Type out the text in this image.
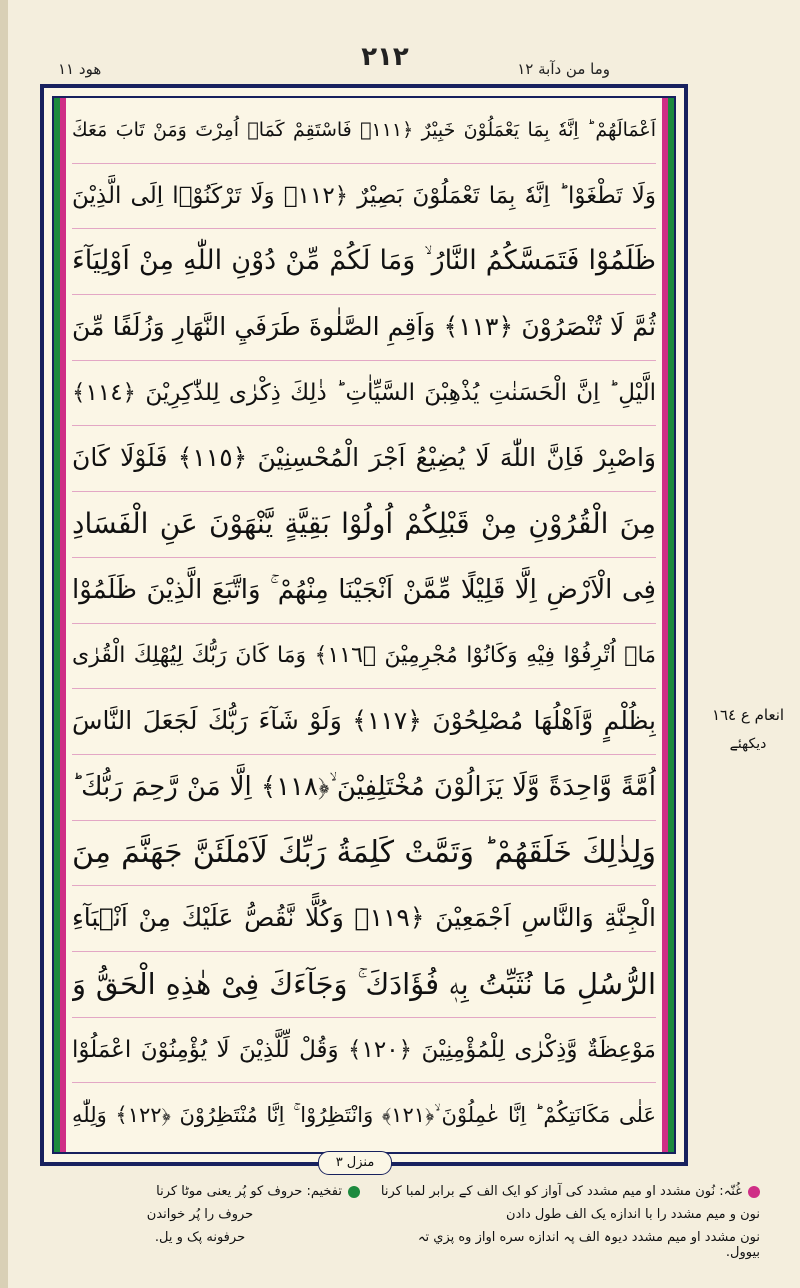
وما من دآبة ١٢
٢١٢
هود ١١
اَعْمَالَهُمْ ؕ اِنَّهٗ بِمَا يَعْمَلُوْنَ خَبِيْرٌ ﴿١١١﴾ فَاسْتَقِمْ كَمَاۤ اُمِرْتَ وَمَنْ تَابَ مَعَكَ
وَلَا تَطْغَوْا ؕ اِنَّهٗ بِمَا تَعْمَلُوْنَ بَصِيْرٌ ﴿١١٢﴾ وَلَا تَرْكَنُوْۤا اِلَى الَّذِيْنَ
ظَلَمُوْا فَتَمَسَّكُمُ النَّارُ ۙ وَمَا لَكُمْ مِّنْ دُوْنِ اللّٰهِ مِنْ اَوْلِيَآءَ
ثُمَّ لَا تُنْصَرُوْنَ ﴿١١٣﴾ وَاَقِمِ الصَّلٰوةَ طَرَفَيِ النَّهَارِ وَزُلَفًا مِّنَ
الَّيْلِ ؕ اِنَّ الْحَسَنٰتِ يُذْهِبْنَ السَّيِّاٰتِ ؕ ذٰلِكَ ذِكْرٰى لِلذّٰكِرِيْنَ ﴿١١٤﴾
وَاصْبِرْ فَاِنَّ اللّٰهَ لَا يُضِيْعُ اَجْرَ الْمُحْسِنِيْنَ ﴿١١٥﴾ فَلَوْلَا كَانَ
مِنَ الْقُرُوْنِ مِنْ قَبْلِكُمْ اُولُوْا بَقِيَّةٍ يَّنْهَوْنَ عَنِ الْفَسَادِ
فِى الْاَرْضِ اِلَّا قَلِيْلًا مِّمَّنْ اَنْجَيْنَا مِنْهُمْ ۚ وَاتَّبَعَ الَّذِيْنَ ظَلَمُوْا
مَاۤ اُتْرِفُوْا فِيْهِ وَكَانُوْا مُجْرِمِيْنَ ﴿١١٦﴾ وَمَا كَانَ رَبُّكَ لِيُهْلِكَ الْقُرٰى
بِظُلْمٍ وَّاَهْلُهَا مُصْلِحُوْنَ ﴿١١٧﴾ وَلَوْ شَآءَ رَبُّكَ لَجَعَلَ النَّاسَ
اُمَّةً وَّاحِدَةً وَّلَا يَزَالُوْنَ مُخْتَلِفِيْنَ ۙ﴿١١٨﴾ اِلَّا مَنْ رَّحِمَ رَبُّكَ ؕ
وَلِذٰلِكَ خَلَقَهُمْ ؕ وَتَمَّتْ كَلِمَةُ رَبِّكَ لَاَمْلَئَنَّ جَهَنَّمَ مِنَ
الْجِنَّةِ وَالنَّاسِ اَجْمَعِيْنَ ﴿١١٩﴾ وَكُلًّا نَّقُصُّ عَلَيْكَ مِنْ اَنْۢبَآءِ
الرُّسُلِ مَا نُثَبِّتُ بِهٖ فُؤَادَكَ ۚ وَجَآءَكَ فِىْ هٰذِهِ الْحَقُّ وَ
مَوْعِظَةٌ وَّذِكْرٰى لِلْمُؤْمِنِيْنَ ﴿١٢٠﴾ وَقُلْ لِّلَّذِيْنَ لَا يُؤْمِنُوْنَ اعْمَلُوْا
عَلٰى مَكَانَتِكُمْ ؕ اِنَّا عٰمِلُوْنَ ۙ﴿١٢١﴾ وَانْتَظِرُوْا ۚ اِنَّا مُنْتَظِرُوْنَ ﴿١٢٢﴾ وَلِلّٰهِ
منزل ٣
انعام ع ١٦٤
دیکھئے
غُنّہ: نُون مشدد او میم مشدد کی آواز کو ایک الف کے برابر لمبا کرنا
نون و میم مشدد را با اندازه یک الف طول دادن
نون مشدد او میم مشدد دیوہ الف پہ اندازه سره اواز وه پزي تہ بیوول.
تفخیم: حروف کو پُر یعنی موٹا کرنا
حروف را پُر خواندن
حرفونه پک و یل.
